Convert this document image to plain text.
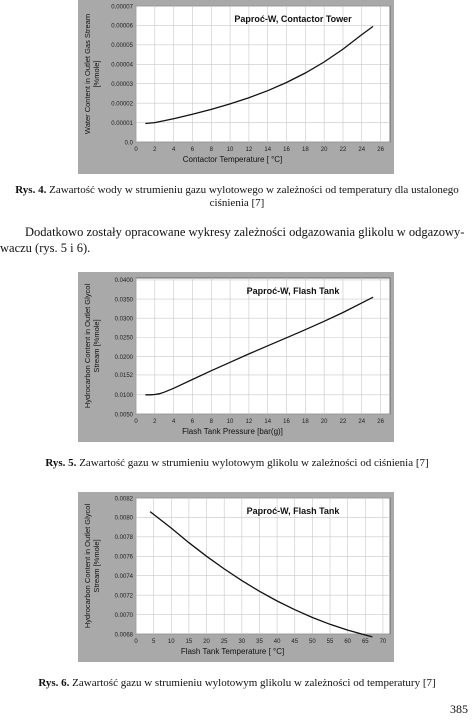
0.0
0.00001
0.00002
0.00003
0.00004
0.00005
0.00006
0.00007
0	2	4	6	8 10 12 14 16 18 20 22 24 26
Paproć-W, Contactor Tower
Contactor Temperature [ °C]
Water Content in Outlet Gas Stream [%mole]
Rys. 4. Zawartość wody w strumieniu gazu wylotowego w zależności od temperatury dla ustalonego
ciśnienia [7]
Dodatkowo zostały opracowane wykresy zależności odgazowania glikolu w odgazowy-
waczu (rys. 5 i 6).
0.0050
0.0100
0.0152
0.0200
0.0250
0.0300
0.0350
0.0400
0	2	4	6	8 10 12 14 16 18 20 22 24 26
Paproć-W, Flash Tank
Flash Tank Pressure [bar(g)]
Hydrocarbon Content in Outlet Glycol Stream [%mole]
Rys. 5. Zawartość gazu w strumieniu wylotowym glikolu w zależności od ciśnienia [7]
0.0068
0.0070
0.0072
0.0074
0.0076
0.0078
0.0080
0.0082
0 5 10 15 20 25 30 35 40 45 50 55 60 65 70
Paproć-W, Flash Tank
Flash Tank Temperature [ °C]
Hydrocarbon Content in Outlet Glycol Stream [%mole]
Rys. 6. Zawartość gazu w strumieniu wylotowym glikolu w zależności od temperatury [7]
385
